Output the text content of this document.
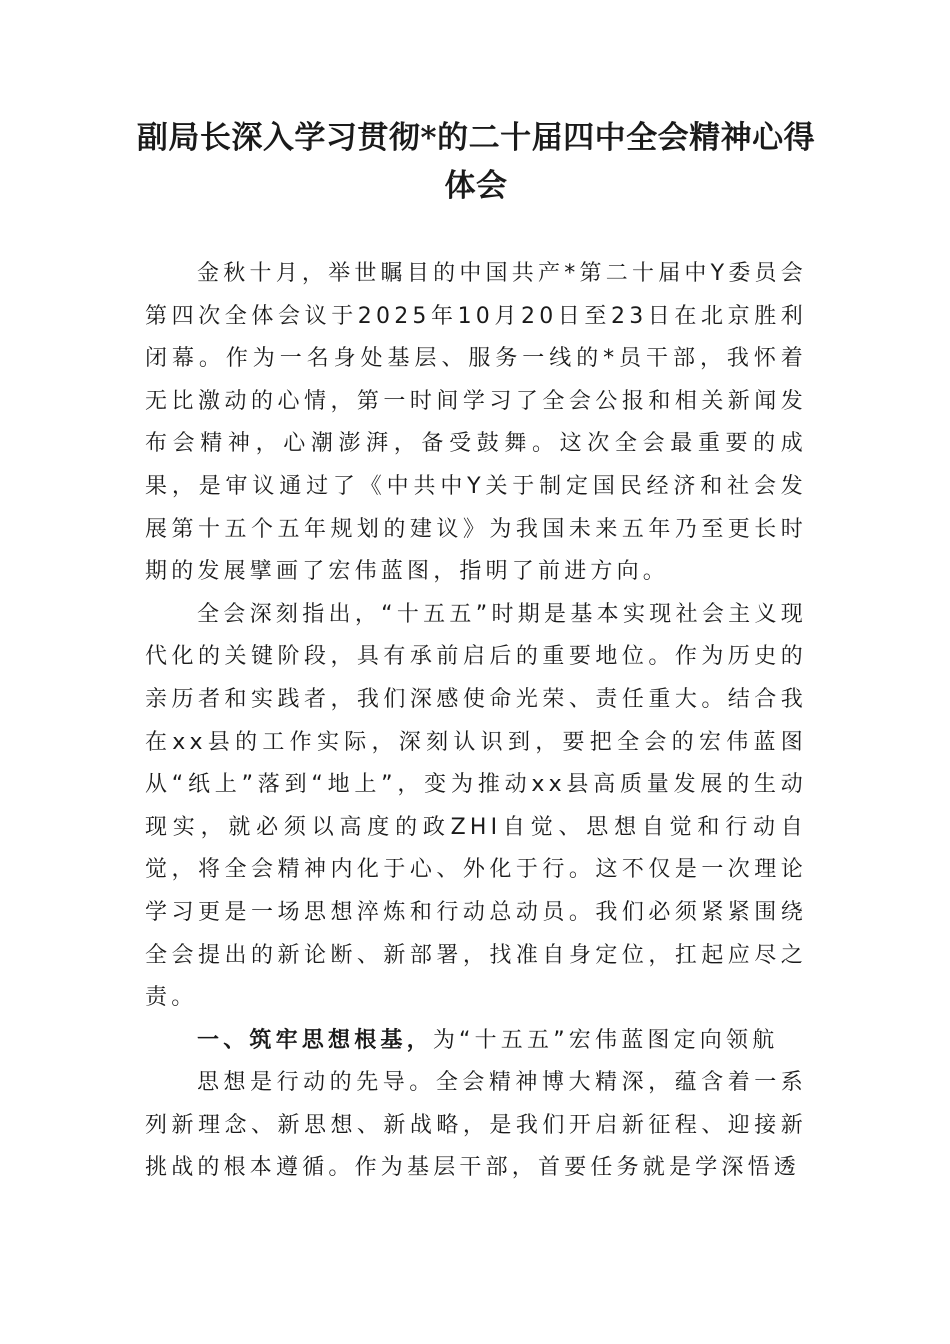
副局长深入学习贯彻*的二十届四中全会精神心得体会

金秋十月，举世瞩目的中国共产*第二十届中Y委员会第四次全体会议于2025年10月20日至23日在北京胜利闭幕。作为一名身处基层、服务一线的*员干部，我怀着无比激动的心情，第一时间学习了全会公报和相关新闻发布会精神，心潮澎湃，备受鼓舞。这次全会最重要的成果，是审议通过了《中共中Y关于制定国民经济和社会发展第十五个五年规划的建议》为我国未来五年乃至更长时期的发展擘画了宏伟蓝图，指明了前进方向。

全会深刻指出，“十五五”时期是基本实现社会主义现代化的关键阶段，具有承前启后的重要地位。作为历史的亲历者和实践者，我们深感使命光荣、责任重大。结合我在xx县的工作实际，深刻认识到，要把全会的宏伟蓝图从“纸上”落到“地上”，变为推动xx县高质量发展的生动现实，就必须以高度的政ZHI自觉、思想自觉和行动自觉，将全会精神内化于心、外化于行。这不仅是一次理论学习更是一场思想淬炼和行动总动员。我们必须紧紧围绕全会提出的新论断、新部署，找准自身定位，扛起应尽之责。

一、筑牢思想根基，为“十五五”宏伟蓝图定向领航

思想是行动的先导。全会精神博大精深，蕴含着一系列新理念、新思想、新战略，是我们开启新征程、迎接新挑战的根本遵循。作为基层干部，首要任务就是学深悟透
